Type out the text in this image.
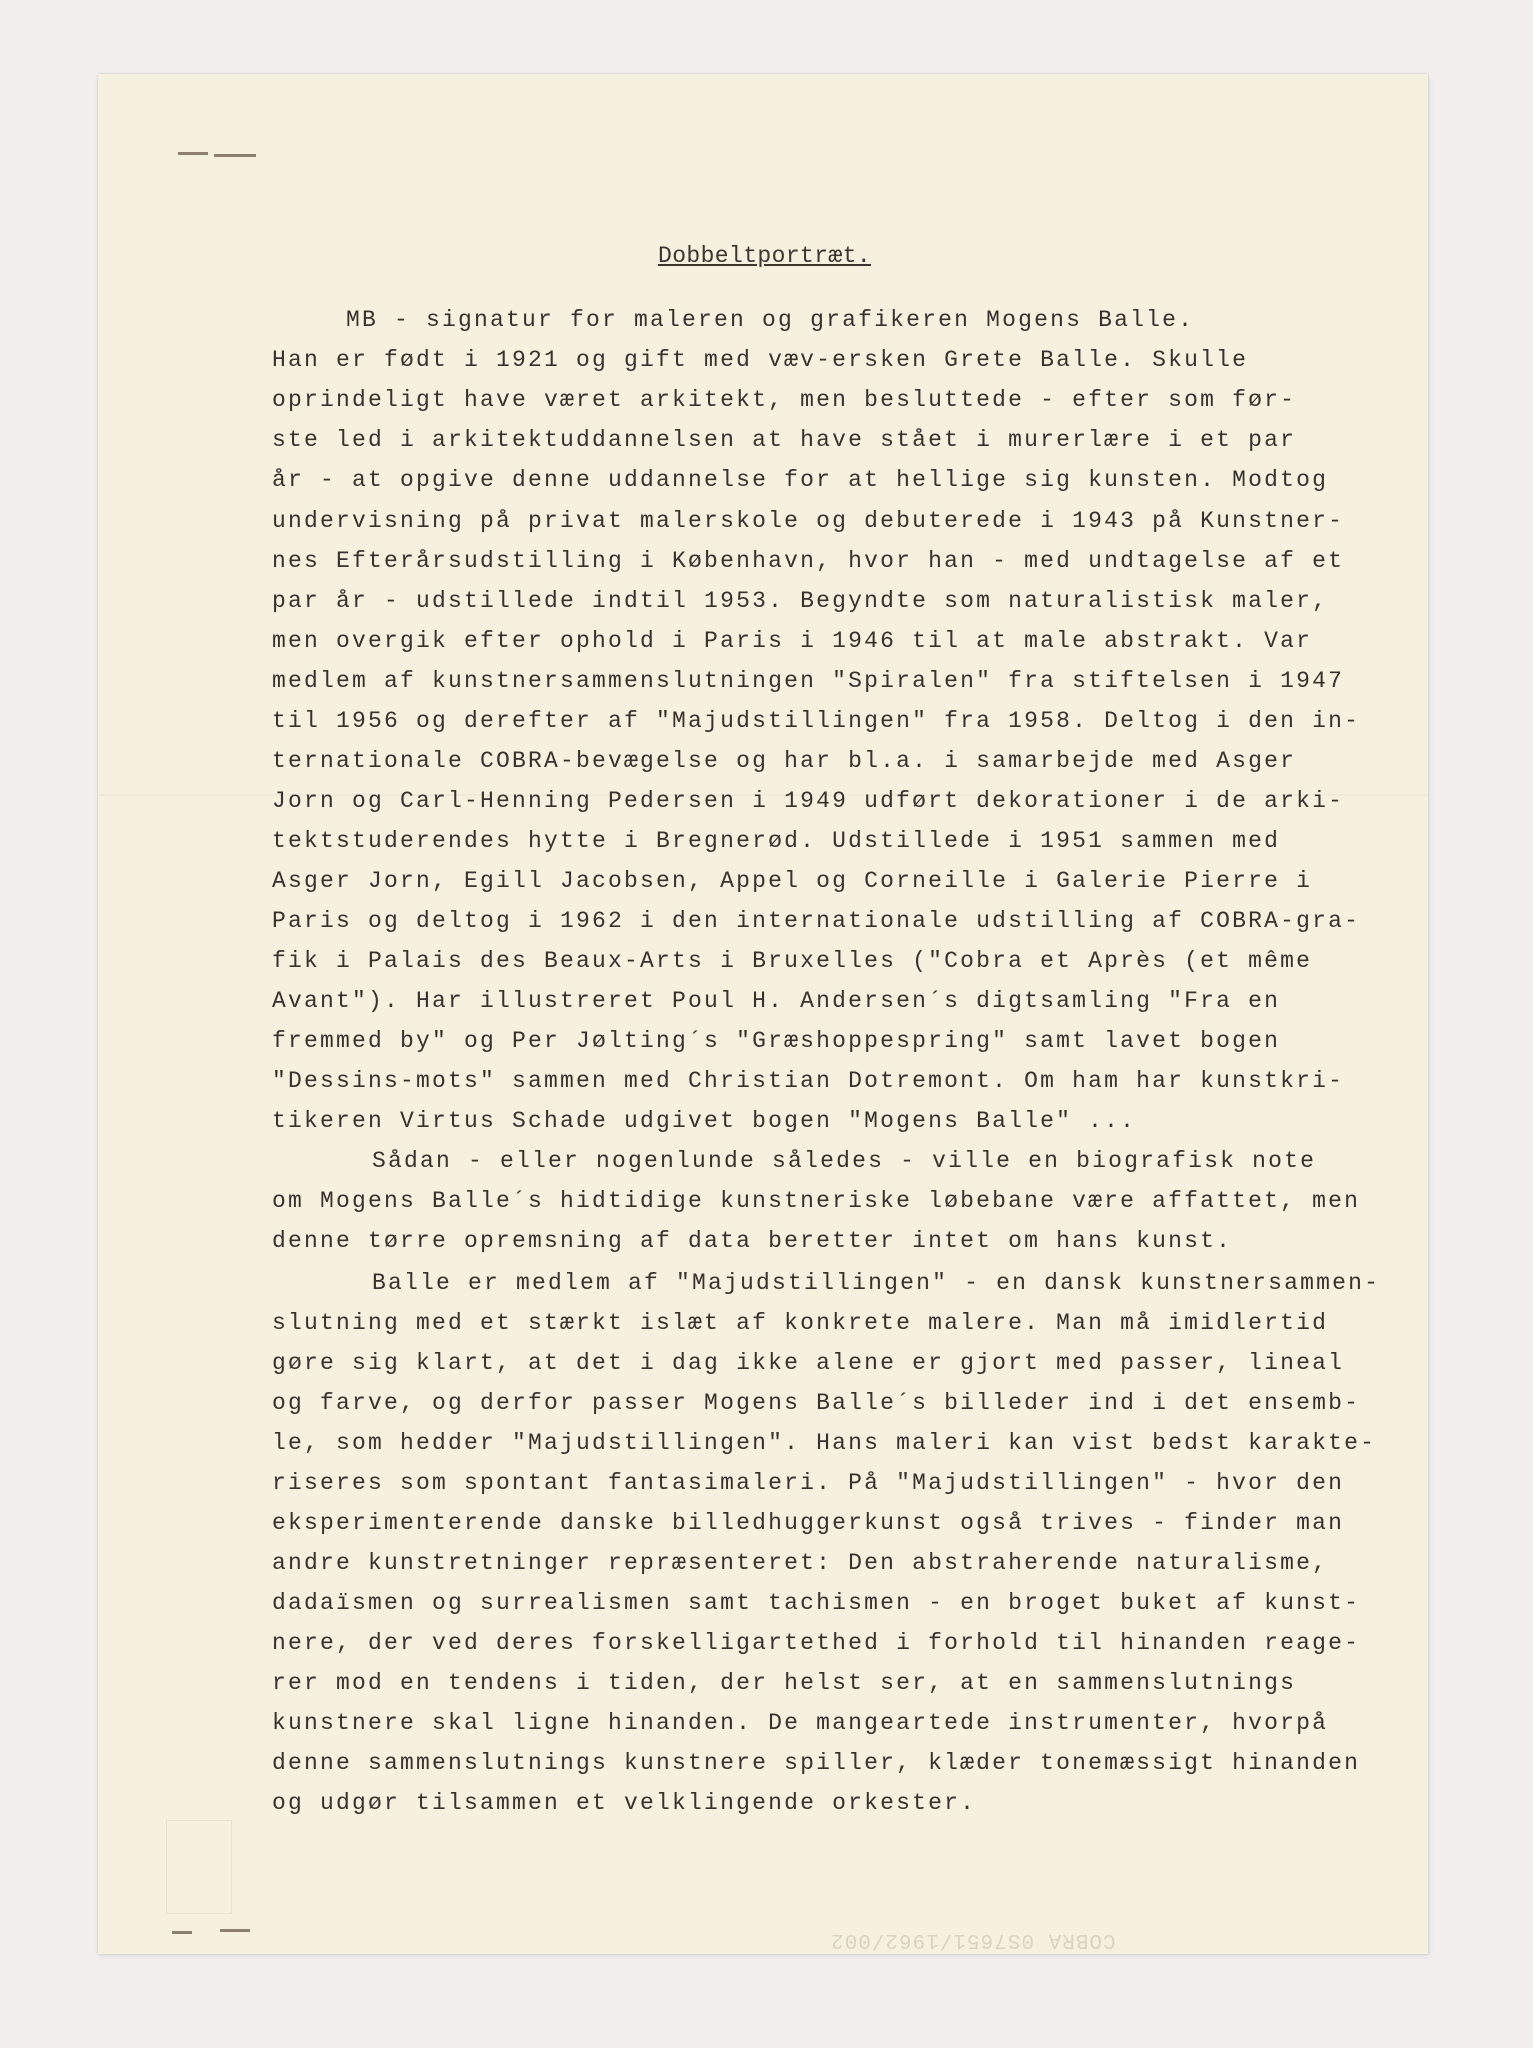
Dobbeltportræt.
MB - signatur for maleren og grafikeren Mogens Balle.
Han er født i 1921 og gift med væv-ersken Grete Balle. Skulle
oprindeligt have været arkitekt, men besluttede - efter som før-
ste led i arkitektuddannelsen at have stået i murerlære i et par
år - at opgive denne uddannelse for at hellige sig kunsten. Modtog
undervisning på privat malerskole og debuterede i 1943 på Kunstner-
nes Efterårsudstilling i København, hvor han - med undtagelse af et
par år - udstillede indtil 1953. Begyndte som naturalistisk maler,
men overgik efter ophold i Paris i 1946 til at male abstrakt. Var
medlem af kunstnersammenslutningen "Spiralen" fra stiftelsen i 1947
til 1956 og derefter af "Majudstillingen" fra 1958. Deltog i den in-
ternationale COBRA-bevægelse og har bl.a. i samarbejde med Asger
Jorn og Carl-Henning Pedersen i 1949 udført dekorationer i de arki-
tektstuderendes hytte i Bregnerød. Udstillede i 1951 sammen med
Asger Jorn, Egill Jacobsen, Appel og Corneille i Galerie Pierre i
Paris og deltog i 1962 i den internationale udstilling af COBRA-gra-
fik i Palais des Beaux-Arts i Bruxelles ("Cobra et Après (et même
Avant"). Har illustreret Poul H. Andersen´s digtsamling "Fra en
fremmed by" og Per Jølting´s "Græshoppespring" samt lavet bogen
"Dessins-mots" sammen med Christian Dotremont. Om ham har kunstkri-
tikeren Virtus Schade udgivet bogen "Mogens Balle" ...
Sådan - eller nogenlunde således - ville en biografisk note
om Mogens Balle´s hidtidige kunstneriske løbebane være affattet, men
denne tørre opremsning af data beretter intet om hans kunst.
Balle er medlem af "Majudstillingen" - en dansk kunstnersammen-
slutning med et stærkt islæt af konkrete malere. Man må imidlertid
gøre sig klart, at det i dag ikke alene er gjort med passer, lineal
og farve, og derfor passer Mogens Balle´s billeder ind i det ensemb-
le, som hedder "Majudstillingen". Hans maleri kan vist bedst karakte-
riseres som spontant fantasimaleri. På "Majudstillingen" - hvor den
eksperimenterende danske billedhuggerkunst også trives - finder man
andre kunstretninger repræsenteret: Den abstraherende naturalisme,
dadaïsmen og surrealismen samt tachismen - en broget buket af kunst-
nere, der ved deres forskelligartethed i forhold til hinanden reage-
rer mod en tendens i tiden, der helst ser, at en sammenslutnings
kunstnere skal ligne hinanden. De mangeartede instrumenter, hvorpå
denne sammenslutnings kunstnere spiller, klæder tonemæssigt hinanden
og udgør tilsammen et velklingende orkester.
COBRA 0S7651/1962/002
